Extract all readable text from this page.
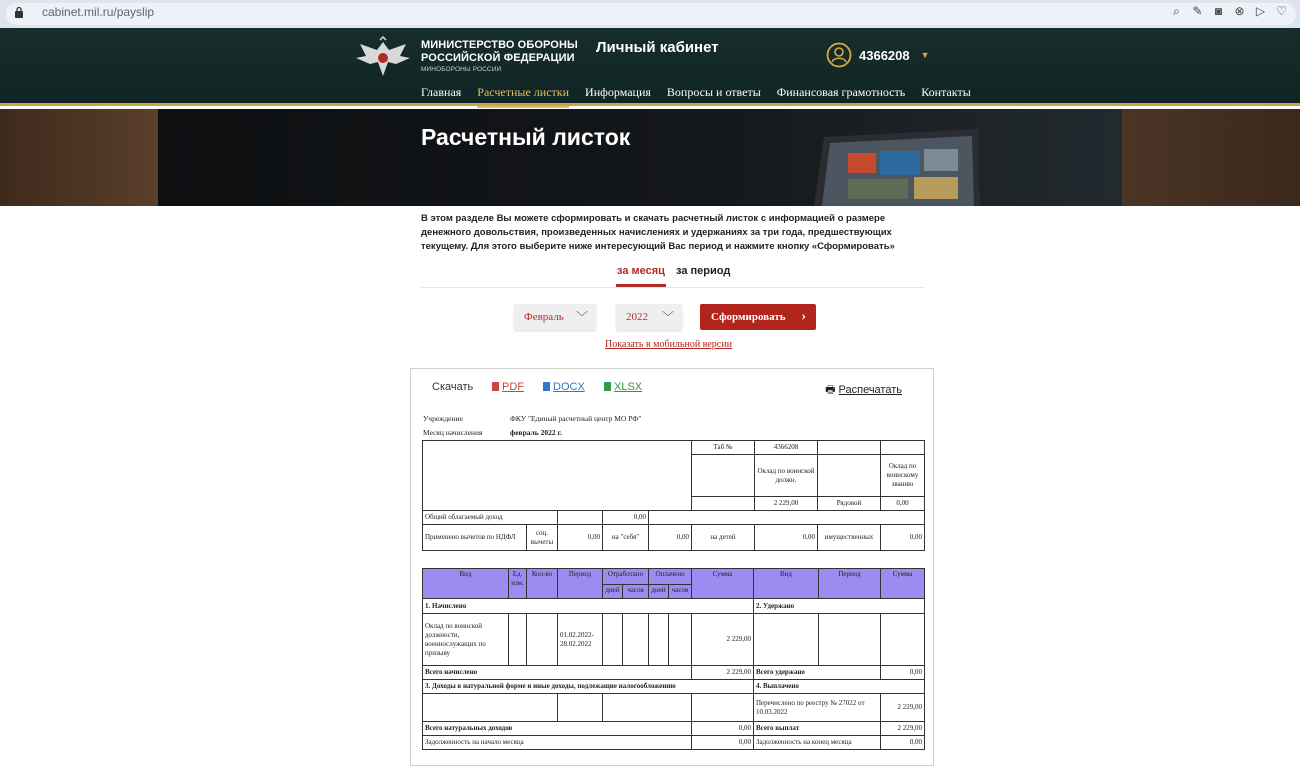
cabinet.mil.ru/payslip	⌕ ✎ ◙ ⊗ ▷ ♡
МИНИСТЕРСТВО ОБОРОНЫ
РОССИЙСКОЙ ФЕДЕРАЦИИ
МИНОБОРОНЫ РОССИИ
Личный кабинет	4366208 ▼
Главная Расчетные листки Информация Вопросы и ответы Финансовая грамотность Контакты
Расчетный листок
В этом разделе Вы можете сформировать и скачать расчетный листок с информацией о размере денежного довольствия, произведенных начислениях и удержаниях за три года, предшествующих текущему. Для этого выберите ниже интересующий Вас период и нажмите кнопку «Сформировать»
за месяц за период
Февраль ﹀	2022 ﹀	Сформировать ›
Показать в мобильной версии
Скачать	PDF	DOCX	XLSX	🖶 Распечатать
Учреждение	ФКУ "Единый расчетный центр МО РФ"
Месяц начисления	февраль 2022 г.
					Таб №	4366208		
						Оклад по воинской должн.		Оклад по воинскому званию
						2 229,00	Рядовой	0,00
Общий облагаемый доход			0,00					
Применено вычетов по НДФЛ	соц. вычеты	0,00	на "себя"	0,00	на детей	0,00	имущественных	0,00
Вид	Ед. изм.	Кол-во	Период	Отработано		Оплачено		Сумма	Вид	Период	Сумма
				дней	часов	дней	часов				
1. Начислено									2. Удержано		
Оклад по воинской должности, военнослужащих по призыву			01.02.2022-28.02.2022					2 229,00			
Всего начислено								2 229,00	Всего удержано		0,00
3. Доходы в натуральной форме и иные доходы, подлежащие налогообложению									4. Выплачено		
									Перечислено по реестру № 27022 от 10.03.2022		2 229,00
Всего натуральных доходов								0,00	Всего выплат		2 229,00
Задолженность на начало месяца								0,00	Задолженность на конец месяца		0,00
